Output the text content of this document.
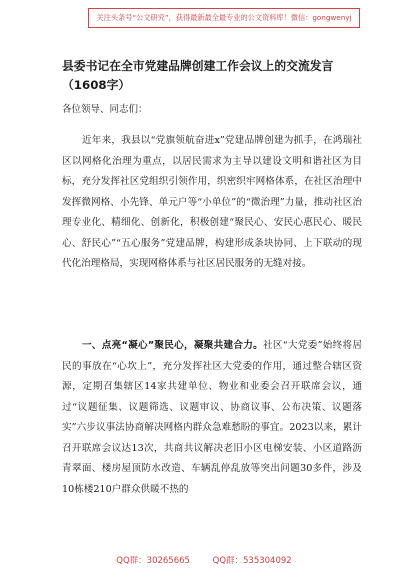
关注头条号“公文研究”，获得最新最全最专业的公文资料库！微信：gongwenyj
县委书记在全市党建品牌创建工作会议上的交流发言
（1608字）
各位领导、同志们：
近年来，我县以“党旗领航奋进x”党建品牌创建为抓手，在鸿瑞社区以网格化治理为重点，以居民需求为主导以建设文明和谐社区为目标，充分发挥社区党组织引领作用，织密织牢网格体系，在社区治理中发挥微网格、小先锋、单元户等“小单位”的“微治理”力量，推动社区治理专业化、精细化、创新化，积极创建“聚民心、安民心惠民心、暖民心、舒民心”“五心服务”党建品牌，构建形成条块协同、上下联动的现代化治理格局，实现网格体系与社区居民服务的无缝对接。
一、点亮“凝心”聚民心，凝聚共建合力。社区“大党委”始终将居民的事放在“心坎上”，充分发挥社区大党委的作用，通过整合辖区资源，定期召集辖区14家共建单位、物业和业委会召开联席会议，通过“议题征集、议题筛选、议题审议、协商议事、公布决策、议题落实”六步议事法协商解决网格内群众急难愁盼的事宜。2023以来，累计召开联席会议达13次，共商共议解决老旧小区电梯安装、小区道路沥青翠面、楼房屋顶防水改造、车辆乱停乱放等突出问题30多件，涉及10栋楼210户群众供暖不热的
QQ群：30265665	QQ群：535304092
